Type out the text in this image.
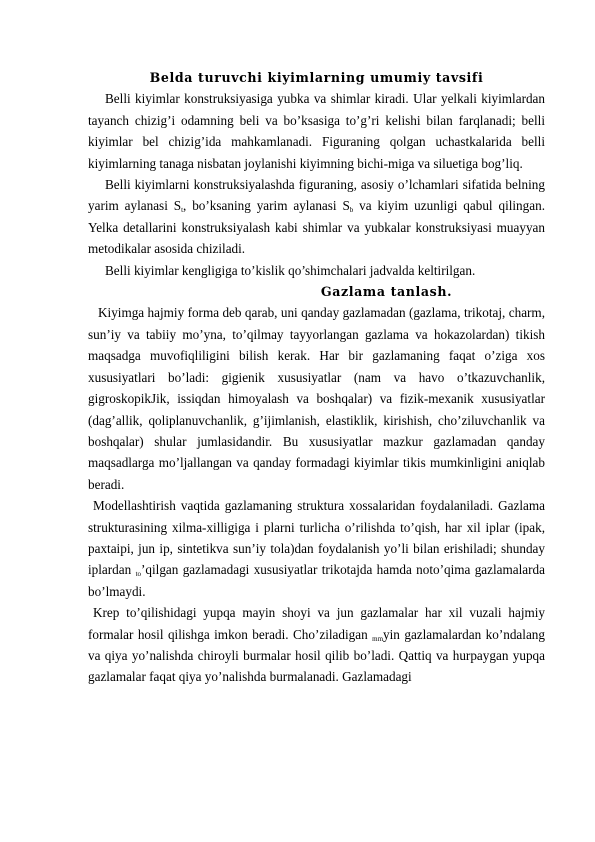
Belda turuvchi kiyimlarning umumiy tavsifi

Belli kiyimlar konstruksiyasiga yubka va shimlar kiradi. Ular yelkali kiyimlardan tayanch chizig’i odamning beli va bo’ksasiga to’g’ri kelishi bilan farqlanadi; belli kiyimlar bel chizig’ida mahkamlanadi. Figuraning qolgan uchastkalarida belli kiyimlarning tanaga nisbatan joylanishi kiyimning bichi-miga va siluetiga bog’liq.

Belli kiyimlarni konstruksiyalashda figuraning, asosiy o’lchamlari sifatida belning yarim aylanasi $S_t$, bo’ksaning yarim aylanasi $S_b$ va kiyim uzunligi qabul qilingan. Yelka detallarini konstruksiyalash kabi shimlar va yubkalar konstruksiyasi muayyan metodikalar asosida chiziladi.

Belli kiyimlar kengligiga to’kislik qo’shimchalari jadvalda keltirilgan.

Gazlama tanlash.

Kiyimga hajmiy forma deb qarab, uni qanday gazlamadan (gazlama, trikotaj, charm, sun’iy va tabiiy mo’yna, to’qilmay tayyorlangan gazlama va hokazolardan) tikish maqsadga muvofiqliligini bilish kerak. Har bir gazlamaning faqat o’ziga xos xususiyatlari bo’ladi: gigienik xususiyatlar (nam va havo o’tkazuvchanlik, gigroskopikJik, issiqdan himoyalash va boshqalar) va fizik-mexanik xususiyatlar (dag’allik, qoliplanuvchanlik, g’ijimlanish, elastiklik, kirishish, cho’ziluvchanlik va boshqalar) shular jumlasidandir. Bu xususiyatlar mazkur gazlamadan qanday maqsadlarga mo’ljallangan va qanday formadagi kiyimlar tikis mumkinligini aniqlab beradi.

Modellashtirish vaqtida gazlamaning struktura xossalaridan foydalaniladi. Gazlama strukturasining xilma-xilligiga i plarni turlicha o’rilishda to’qish, har xil iplar (ipak, paxtaipi, jun ip, sintetikva sun’iy tola)dan foydalanish yo’li bilan erishiladi; shunday iplardan $_{to}$’qilgan gazlamadagi xususiyatlar trikotajda hamda noto’qima gazlamalarda bo’lmaydi.

Krep to’qilishidagi yupqa mayin shoyi va jun gazlamalar har xil vuzali hajmiy formalar hosil qilishga imkon beradi. Cho’ziladigan $_{mm}$yin gazlamalardan ko’ndalang va qiya yo’nalishda chiroyli burmalar hosil qilib bo’ladi. Qattiq va hurpaygan yupqa gazlamalar faqat qiya yo’nalishda burmalanadi. Gazlamadagi
